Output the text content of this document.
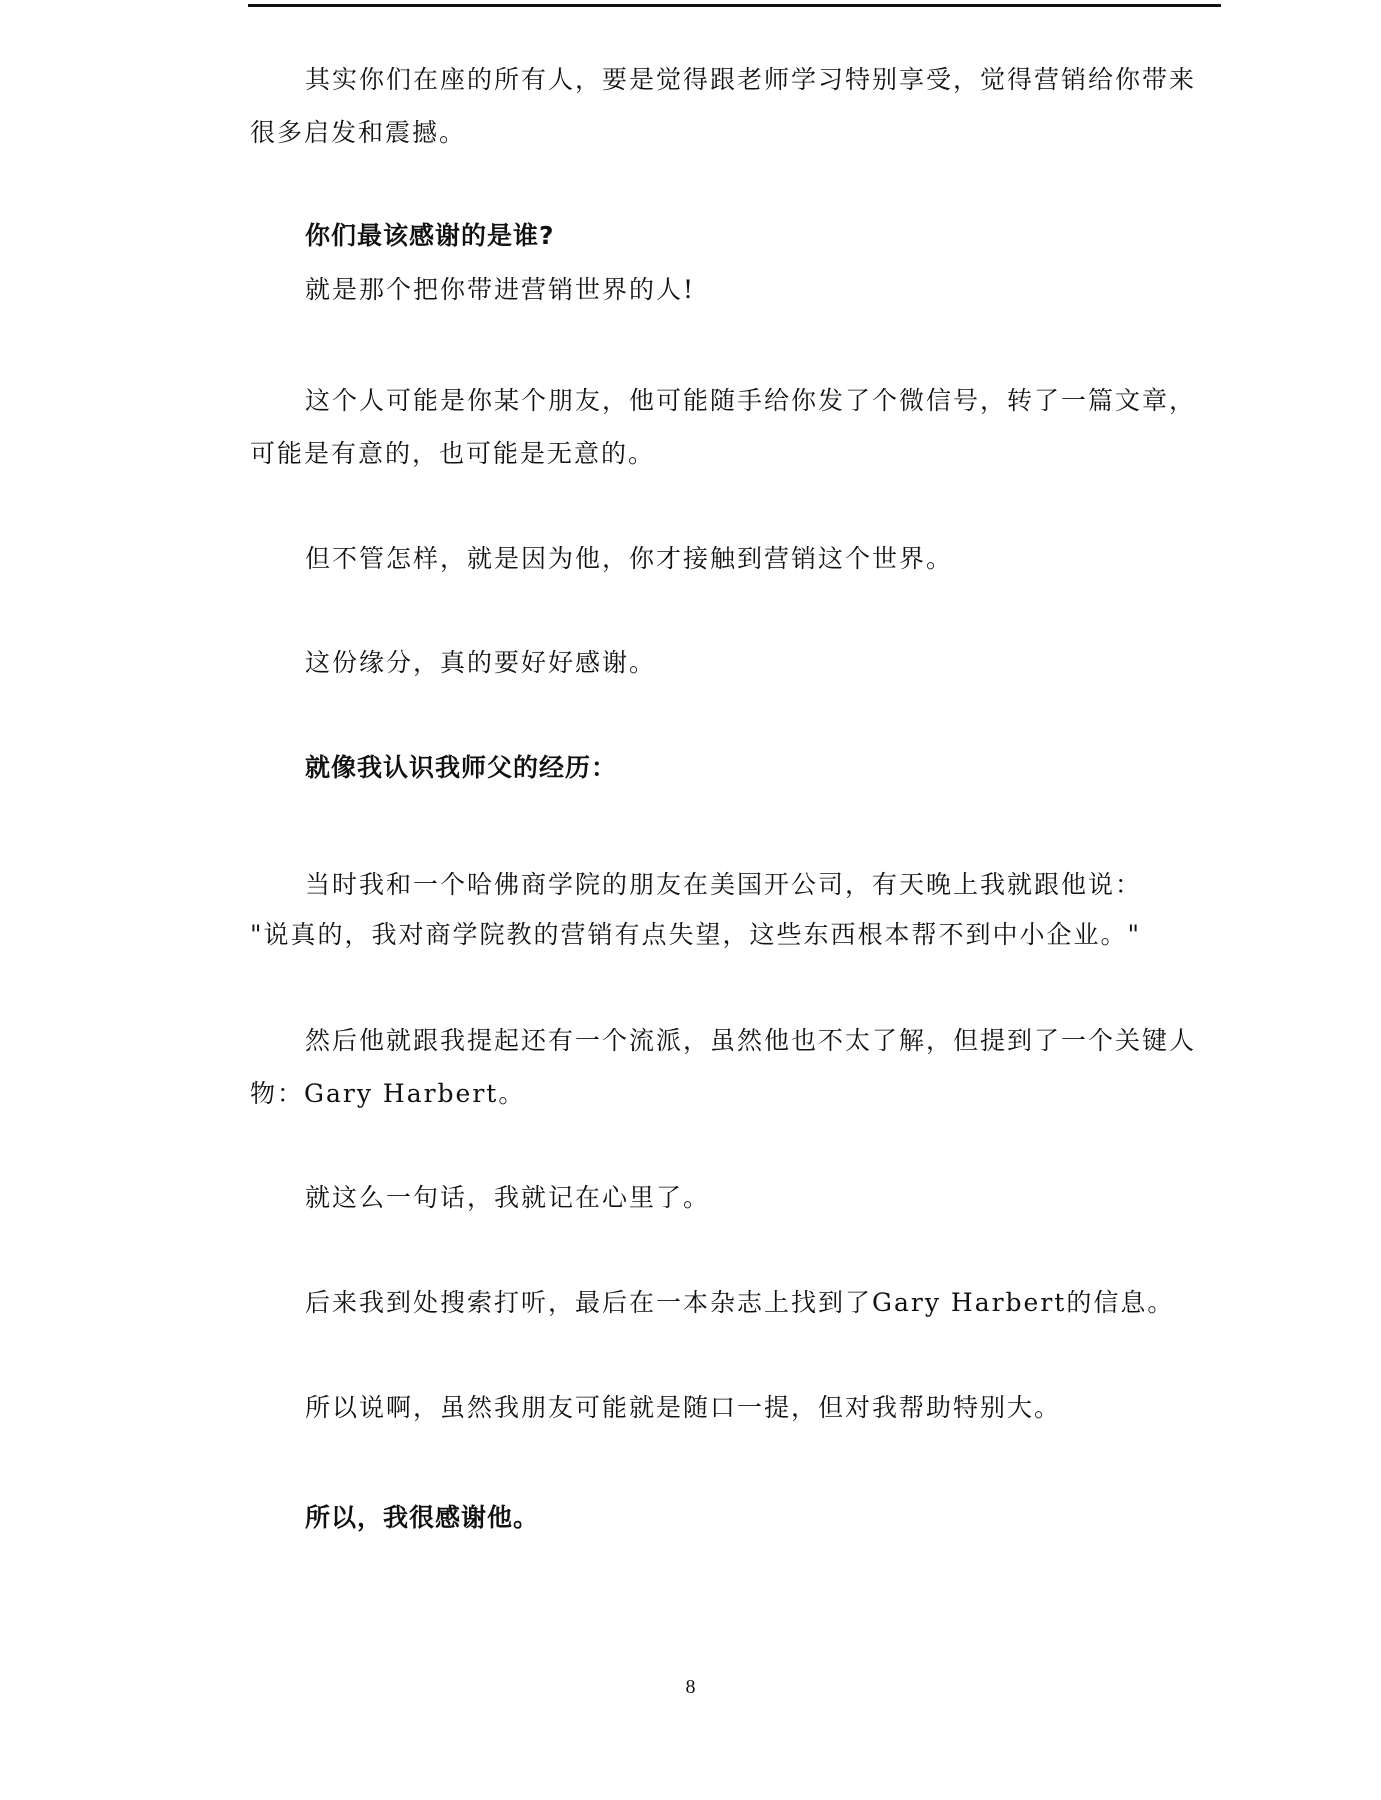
其实你们在座的所有人，要是觉得跟老师学习特别享受，觉得营销给你带来
很多启发和震撼。
你们最该感谢的是谁?
就是那个把你带进营销世界的人!
这个人可能是你某个朋友，他可能随手给你发了个微信号，转了一篇文章，
可能是有意的，也可能是无意的。
但不管怎样，就是因为他，你才接触到营销这个世界。
这份缘分，真的要好好感谢。
就像我认识我师父的经历：
当时我和一个哈佛商学院的朋友在美国开公司，有天晚上我就跟他说：
"说真的，我对商学院教的营销有点失望，这些东西根本帮不到中小企业。"
然后他就跟我提起还有一个流派，虽然他也不太了解，但提到了一个关键人
物：Gary Harbert。
就这么一句话，我就记在心里了。
后来我到处搜索打听，最后在一本杂志上找到了Gary Harbert的信息。
所以说啊，虽然我朋友可能就是随口一提，但对我帮助特别大。
所以，我很感谢他。
8
